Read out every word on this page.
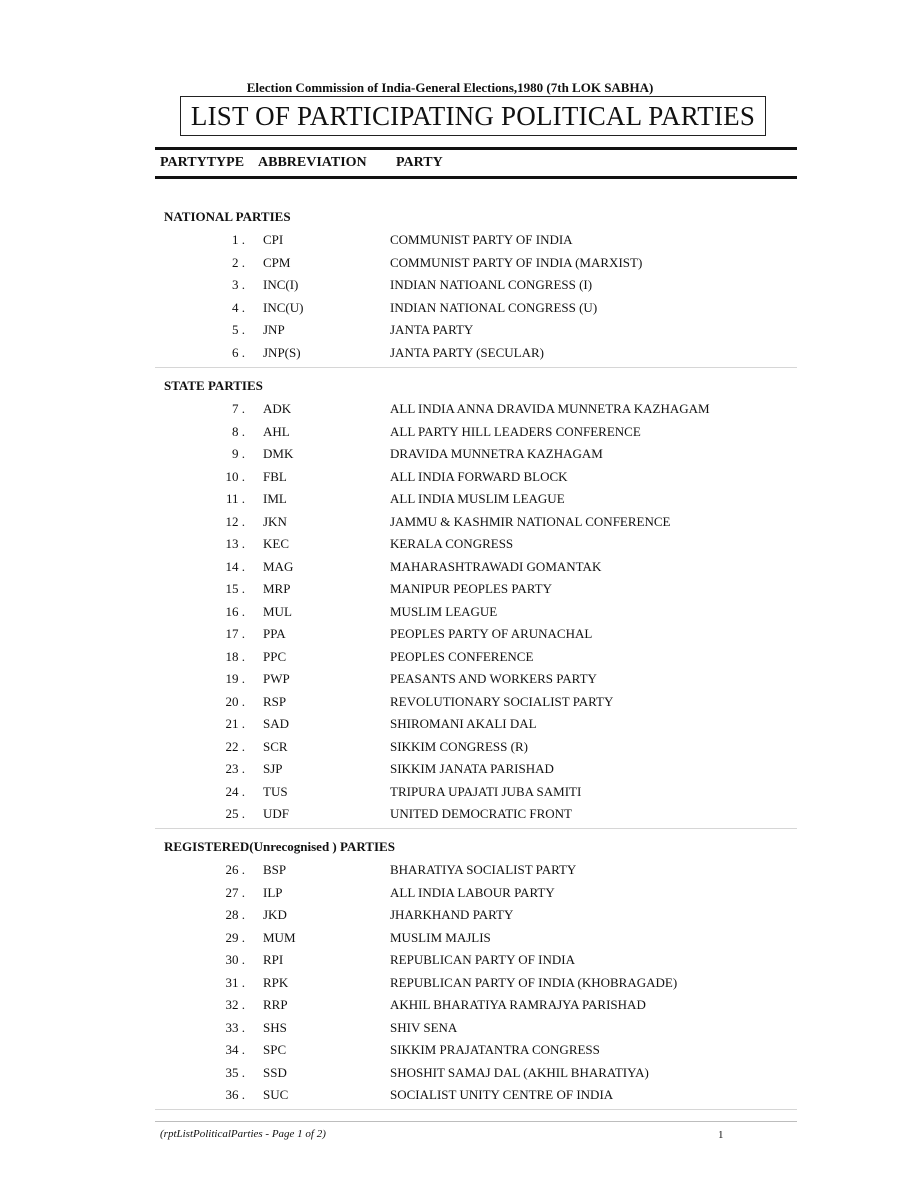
Election Commission of India-General Elections,1980 (7th LOK SABHA)
LIST OF PARTICIPATING POLITICAL PARTIES
PARTYTYPE ABBREVIATION PARTY
NATIONAL PARTIES
1 . CPI	COMMUNIST PARTY OF INDIA
2 . CPM	COMMUNIST PARTY OF INDIA (MARXIST)
3 . INC(I)	INDIAN NATIOANL CONGRESS (I)
4 . INC(U)	INDIAN NATIONAL CONGRESS (U)
5 . JNP	JANTA PARTY
6 . JNP(S)	JANTA PARTY (SECULAR)
STATE PARTIES
7 . ADK	ALL INDIA ANNA DRAVIDA MUNNETRA KAZHAGAM
8 . AHL	ALL PARTY HILL LEADERS CONFERENCE
9 . DMK	DRAVIDA MUNNETRA KAZHAGAM
10 . FBL	ALL INDIA FORWARD BLOCK
11 . IML	ALL INDIA MUSLIM LEAGUE
12 . JKN	JAMMU & KASHMIR NATIONAL CONFERENCE
13 . KEC	KERALA CONGRESS
14 . MAG	MAHARASHTRAWADI GOMANTAK
15 . MRP	MANIPUR PEOPLES PARTY
16 . MUL	MUSLIM LEAGUE
17 . PPA	PEOPLES PARTY OF ARUNACHAL
18 . PPC	PEOPLES CONFERENCE
19 . PWP	PEASANTS AND WORKERS PARTY
20 . RSP	REVOLUTIONARY SOCIALIST PARTY
21 . SAD	SHIROMANI AKALI DAL
22 . SCR	SIKKIM CONGRESS (R)
23 . SJP	SIKKIM JANATA PARISHAD
24 . TUS	TRIPURA UPAJATI JUBA SAMITI
25 . UDF	UNITED DEMOCRATIC FRONT
REGISTERED(Unrecognised ) PARTIES
26 . BSP	BHARATIYA SOCIALIST PARTY
27 . ILP	ALL INDIA LABOUR PARTY
28 . JKD	JHARKHAND PARTY
29 . MUM	MUSLIM MAJLIS
30 . RPI	REPUBLICAN PARTY OF INDIA
31 . RPK	REPUBLICAN PARTY OF INDIA (KHOBRAGADE)
32 . RRP	AKHIL BHARATIYA RAMRAJYA PARISHAD
33 . SHS	SHIV SENA
34 . SPC	SIKKIM PRAJATANTRA CONGRESS
35 . SSD	SHOSHIT SAMAJ DAL (AKHIL BHARATIYA)
36 . SUC	SOCIALIST UNITY CENTRE OF INDIA
(rptListPoliticalParties - Page 1 of 2)	1
